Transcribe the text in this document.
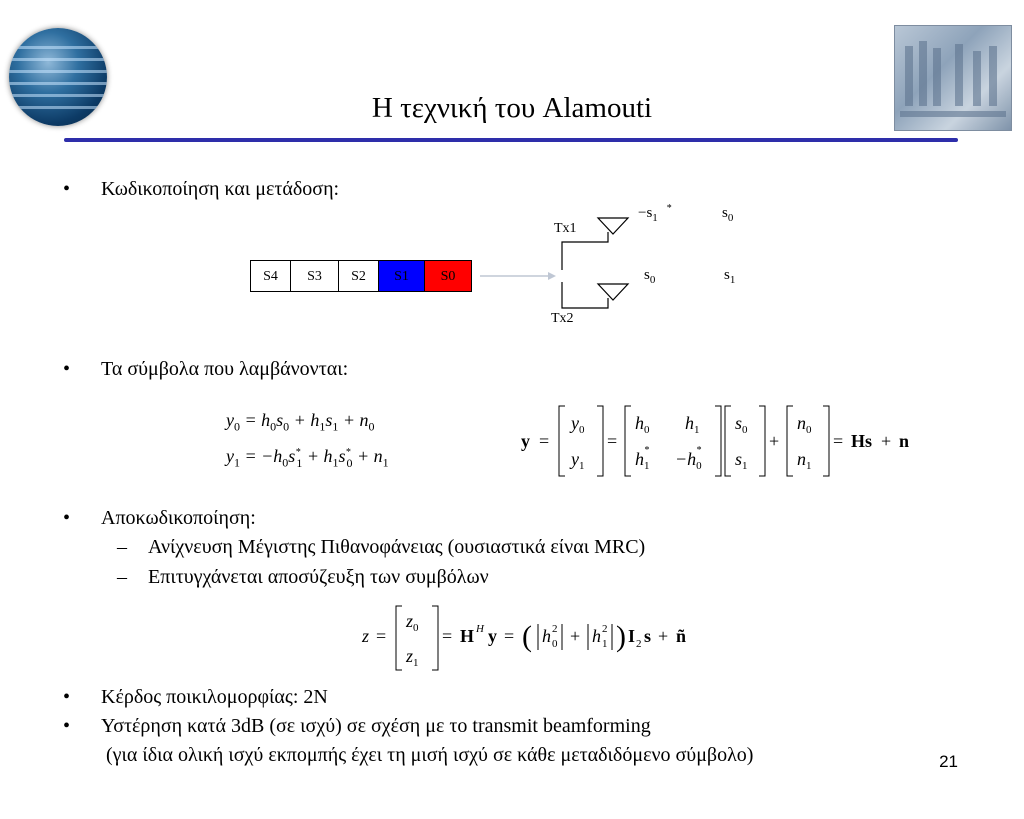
Η τεχνική του Alamouti
• Κωδικοποίηση και μετάδοση:
S4	S3	S2	S1	S0
Tx1
Tx2
$-s_1^*$	$s_0$
$s_0$	$s_1$
• Τα σύμβολα που λαμβάνονται:
$y_0 = h_0s_0 + h_1s_1 + n_0$
$y_1 = -h_0s^*_1 + h_1s^*_0 + n_1$
y =
$y_0$
$y_1$
=
$h_0$ $h_1$
h* 1 −h* 0
$s_0$
$s_1$
+
$n_0$
$n_1$
= Hs + n
• Αποκωδικοποίηση:
– Ανίχνευση Μέγιστης Πιθανοφάνειας (ουσιαστικά είναι MRC)
– Επιτυγχάνεται αποσύζευξη των συμβόλων
z =
$z_0$
$z_1$
= H H y = ( h 2
0 + h 2
1 ) I 2 s + ñ
• Κέρδος ποικιλομορφίας: 2N
• Υστέρηση κατά 3dB (σε ισχύ) σε σχέση με το transmit beamforming
(για ίδια ολική ισχύ εκπομπής έχει τη μισή ισχύ σε κάθε μεταδιδόμενο σύμβολο)	21
